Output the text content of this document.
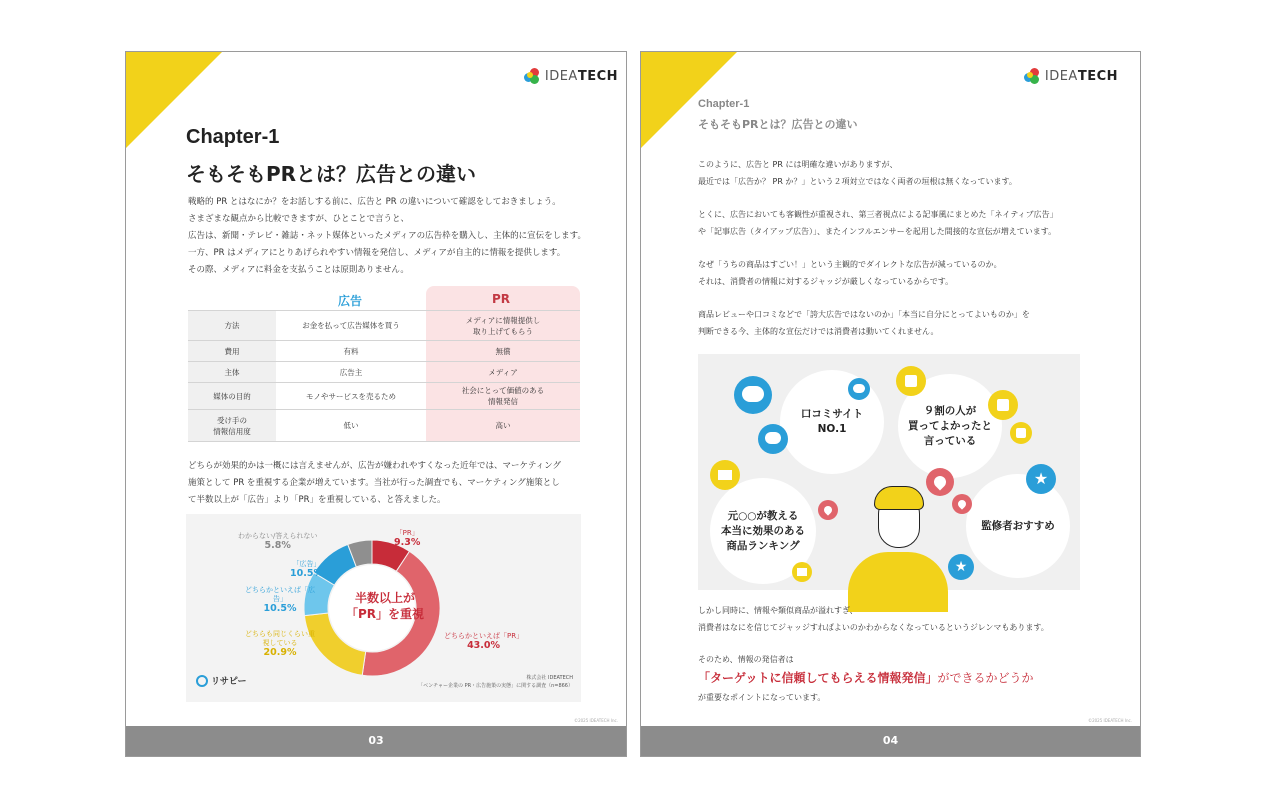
IDEA TECH
Chapter-1
そもそもPRとは？広告との違い
戦略的 PR とはなにか？をお話しする前に、広告と PR の違いについて確認をしておきましょう。
さまざまな観点から比較できますが、ひとことで言うと、
広告は、新聞・テレビ・雑誌・ネット媒体といったメディアの広告枠を購入し、主体的に宣伝をします。
一方、PR はメディアにとりあげられやすい情報を発信し、メディアが自主的に情報を提供します。
その際、メディアに料金を支払うことは原則ありません。
広告	PR
方法	お金を払って広告媒体を買う	メディアに情報提供し
取り上げてもらう
費用	有料	無償
主体	広告主	メディア
媒体の目的	モノやサービスを売るため	社会にとって価値のある
情報発信
受け手の
情報信用度	低い	高い
どちらが効果的かは一概には言えませんが、広告が嫌われやすくなった近年では、マーケティング
施策として PR を重視する企業が増えています。当社が行った調査でも、マーケティング施策とし
て半数以上が「広告」より「PR」を重視している、と答えました。
半数以上が
「PR」を重視
「PR」
9.3%
どちらかといえば「PR」
43.0%
どちらも同じくらい重視している
20.9%
どちらかといえば「広告」
10.5%
「広告」
10.5%
わからない/答えられない
5.8%
リサピー	株式会社 IDEATECH
「ベンチャー企業の PR・広告施策の実態」に関する調査（n=866）
©2025 IDEATECH Inc.
03
IDEA TECH
Chapter-1
そもそもPRとは？広告との違い
このように、広告と PR には明確な違いがありますが、
最近では「広告か？ PR か？」という２項対立ではなく両者の垣根は無くなっています。
とくに、広告においても客観性が重視され、第三者視点による記事風にまとめた「ネイティブ広告」
や「記事広告（タイアップ広告）」、またインフルエンサーを起用した間接的な宣伝が増えています。
なぜ「うちの商品はすごい！」という主観的でダイレクトな広告が減っているのか。
それは、消費者の情報に対するジャッジが厳しくなっているからです。
商品レビューや口コミなどで「誇大広告ではないのか」「本当に自分にとってよいものか」を
判断できる今、主体的な宣伝だけでは消費者は動いてくれません。
口コミサイト
NO.1
９割の人が
買ってよかったと
言っている
元○○が教える
本当に効果のある
商品ランキング
監修者おすすめ
★
★
しかし同時に、情報や類似商品が溢れすぎ、
消費者はなにを信じてジャッジすればよいのかわからなくなっているというジレンマもあります。
そのため、情報の発信者は
「ターゲットに信頼してもらえる情報発信」ができるかどうか
が重要なポイントになっています。
©2025 IDEATECH Inc.
04
